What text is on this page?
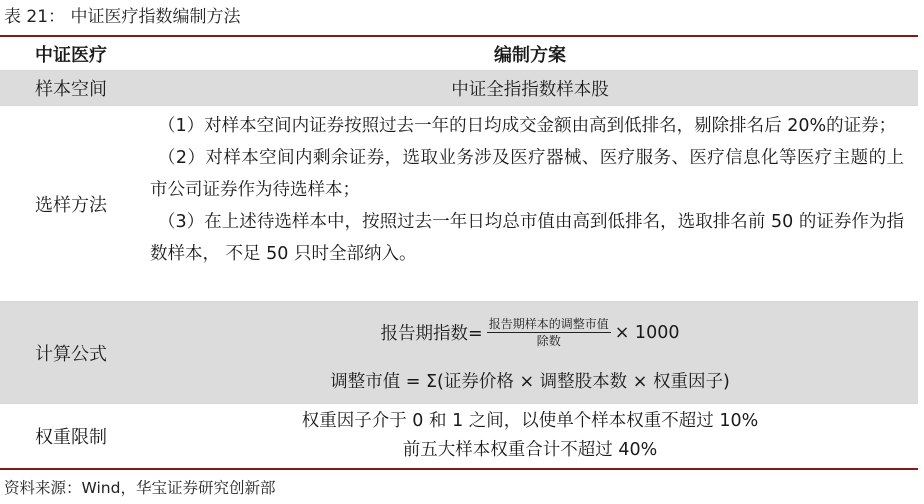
表 21： 中证医疗指数编制方法
中证医疗	编制方案
样本空间	中证全指指数样本股
选样方法

（1）对样本空间内证券按照过去一年的日均成交金额由高到低排名，剔除排名后 20%的证券；

（2）对样本空间内剩余证券，选取业务涉及医疗器械、医疗服务、医疗信息化等医疗主题的上市公司证券作为待选样本；

（3）在上述待选样本中，按照过去一年日均总市值由高到低排名，选取排名前 50 的证券作为指数样本， 不足 50 只时全部纳入。

计算公式
报告期指数= $\frac{\text{报告期样本的调整市值}}{\text{除数}} \times 1000$
调整市值 = Σ(证券价格 × 调整股本数 × 权重因子)
权重限制
权重因子介于 0 和 1 之间，以使单个样本权重不超过 10%
前五大样本权重合计不超过 40%
资料来源：Wind，华宝证券研究创新部
